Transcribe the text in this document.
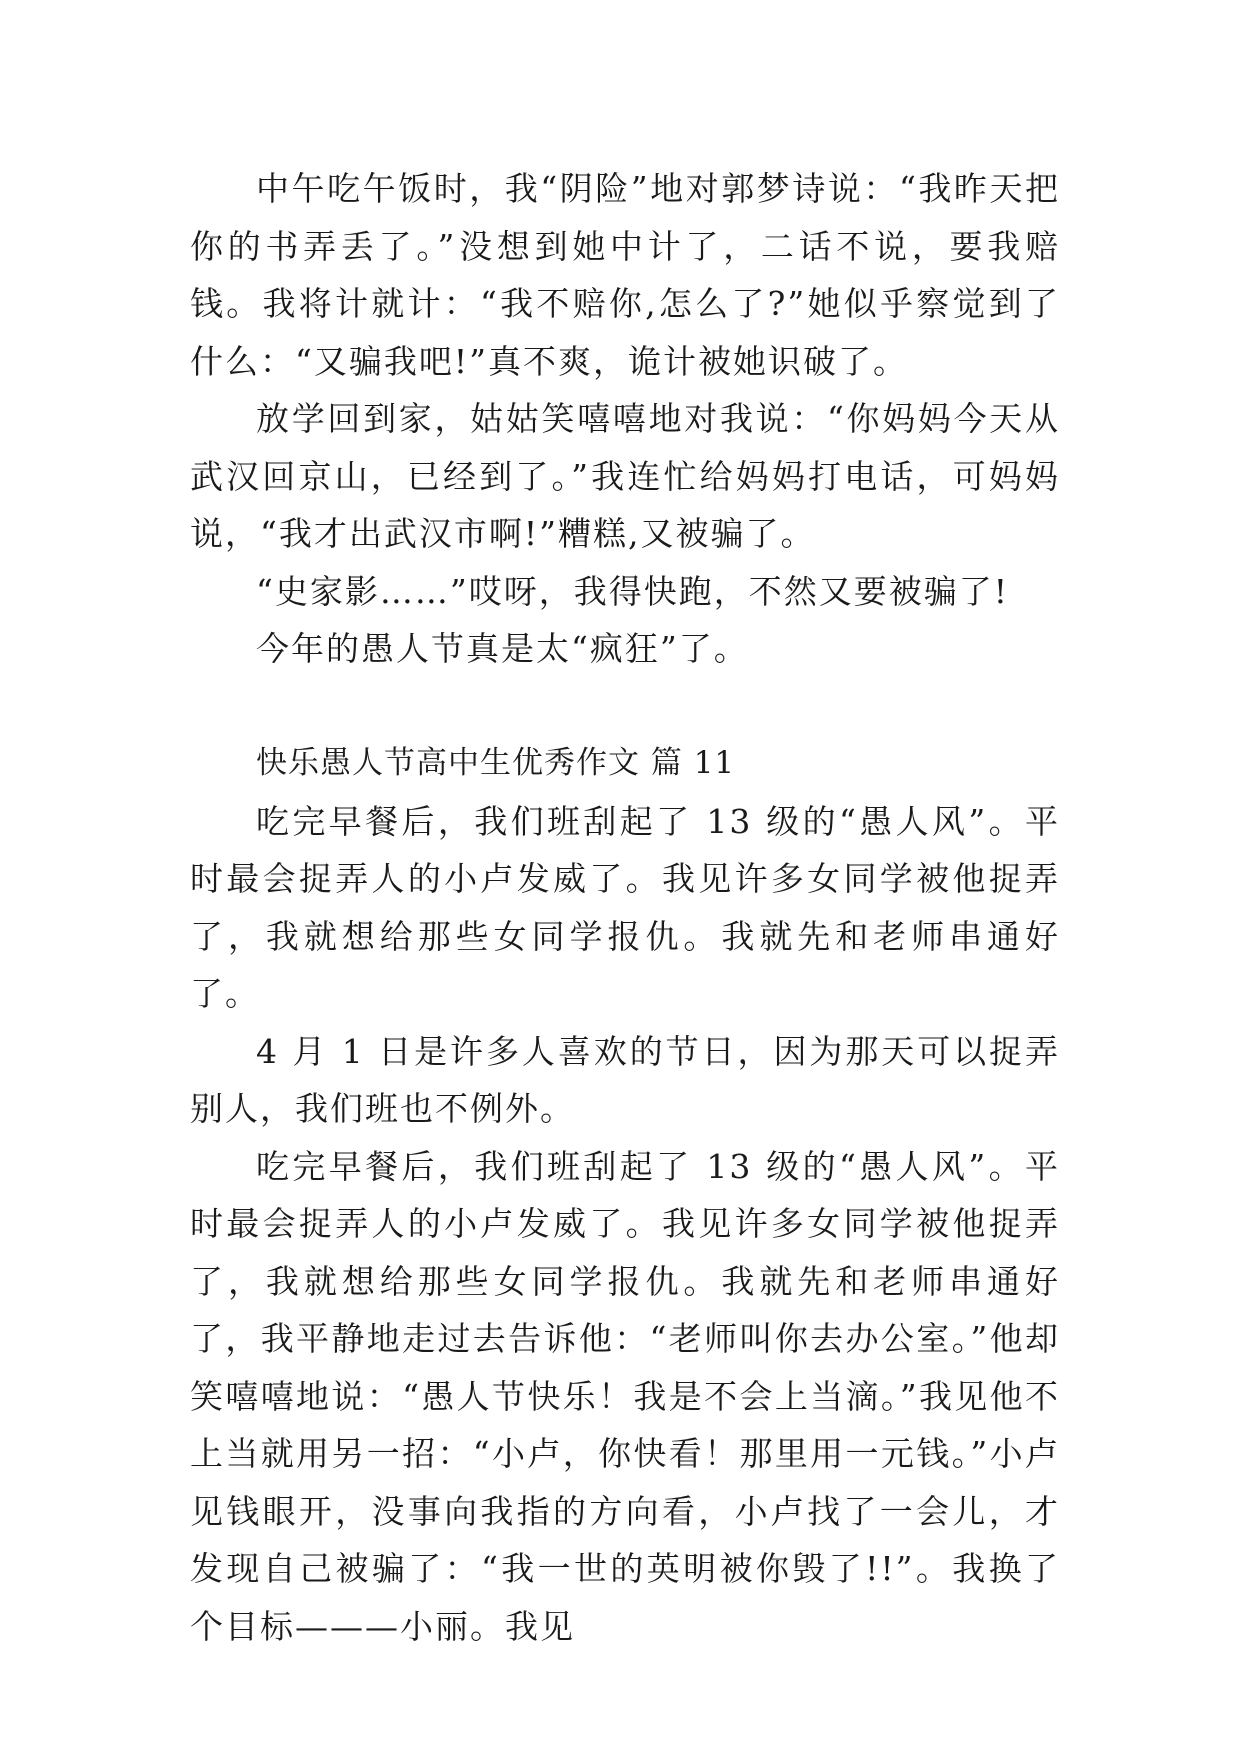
中午吃午饭时，我“阴险”地对郭梦诗说：“我昨天把你的书弄丢了。”没想到她中计了，二话不说，要我赔钱。我将计就计：“我不赔你,怎么了?”她似乎察觉到了什么：“又骗我吧!”真不爽，诡计被她识破了。

放学回到家，姑姑笑嘻嘻地对我说：“你妈妈今天从武汉回京山，已经到了。”我连忙给妈妈打电话，可妈妈说，“我才出武汉市啊!”糟糕,又被骗了。

“史家影……”哎呀，我得快跑，不然又要被骗了!

今年的愚人节真是太“疯狂”了。

快乐愚人节高中生优秀作文 篇 11

吃完早餐后，我们班刮起了 13 级的“愚人风”。平时最会捉弄人的小卢发威了。我见许多女同学被他捉弄了，我就想给那些女同学报仇。我就先和老师串通好了。

4 月 1 日是许多人喜欢的节日，因为那天可以捉弄别人，我们班也不例外。

吃完早餐后，我们班刮起了 13 级的“愚人风”。平时最会捉弄人的小卢发威了。我见许多女同学被他捉弄了，我就想给那些女同学报仇。我就先和老师串通好了，我平静地走过去告诉他：“老师叫你去办公室。”他却笑嘻嘻地说：“愚人节快乐！我是不会上当滴。”我见他不上当就用另一招：“小卢，你快看！那里用一元钱。”小卢见钱眼开，没事向我指的方向看，小卢找了一会儿，才发现自己被骗了：“我一世的英明被你毁了!!”。我换了个目标———小丽。我见
